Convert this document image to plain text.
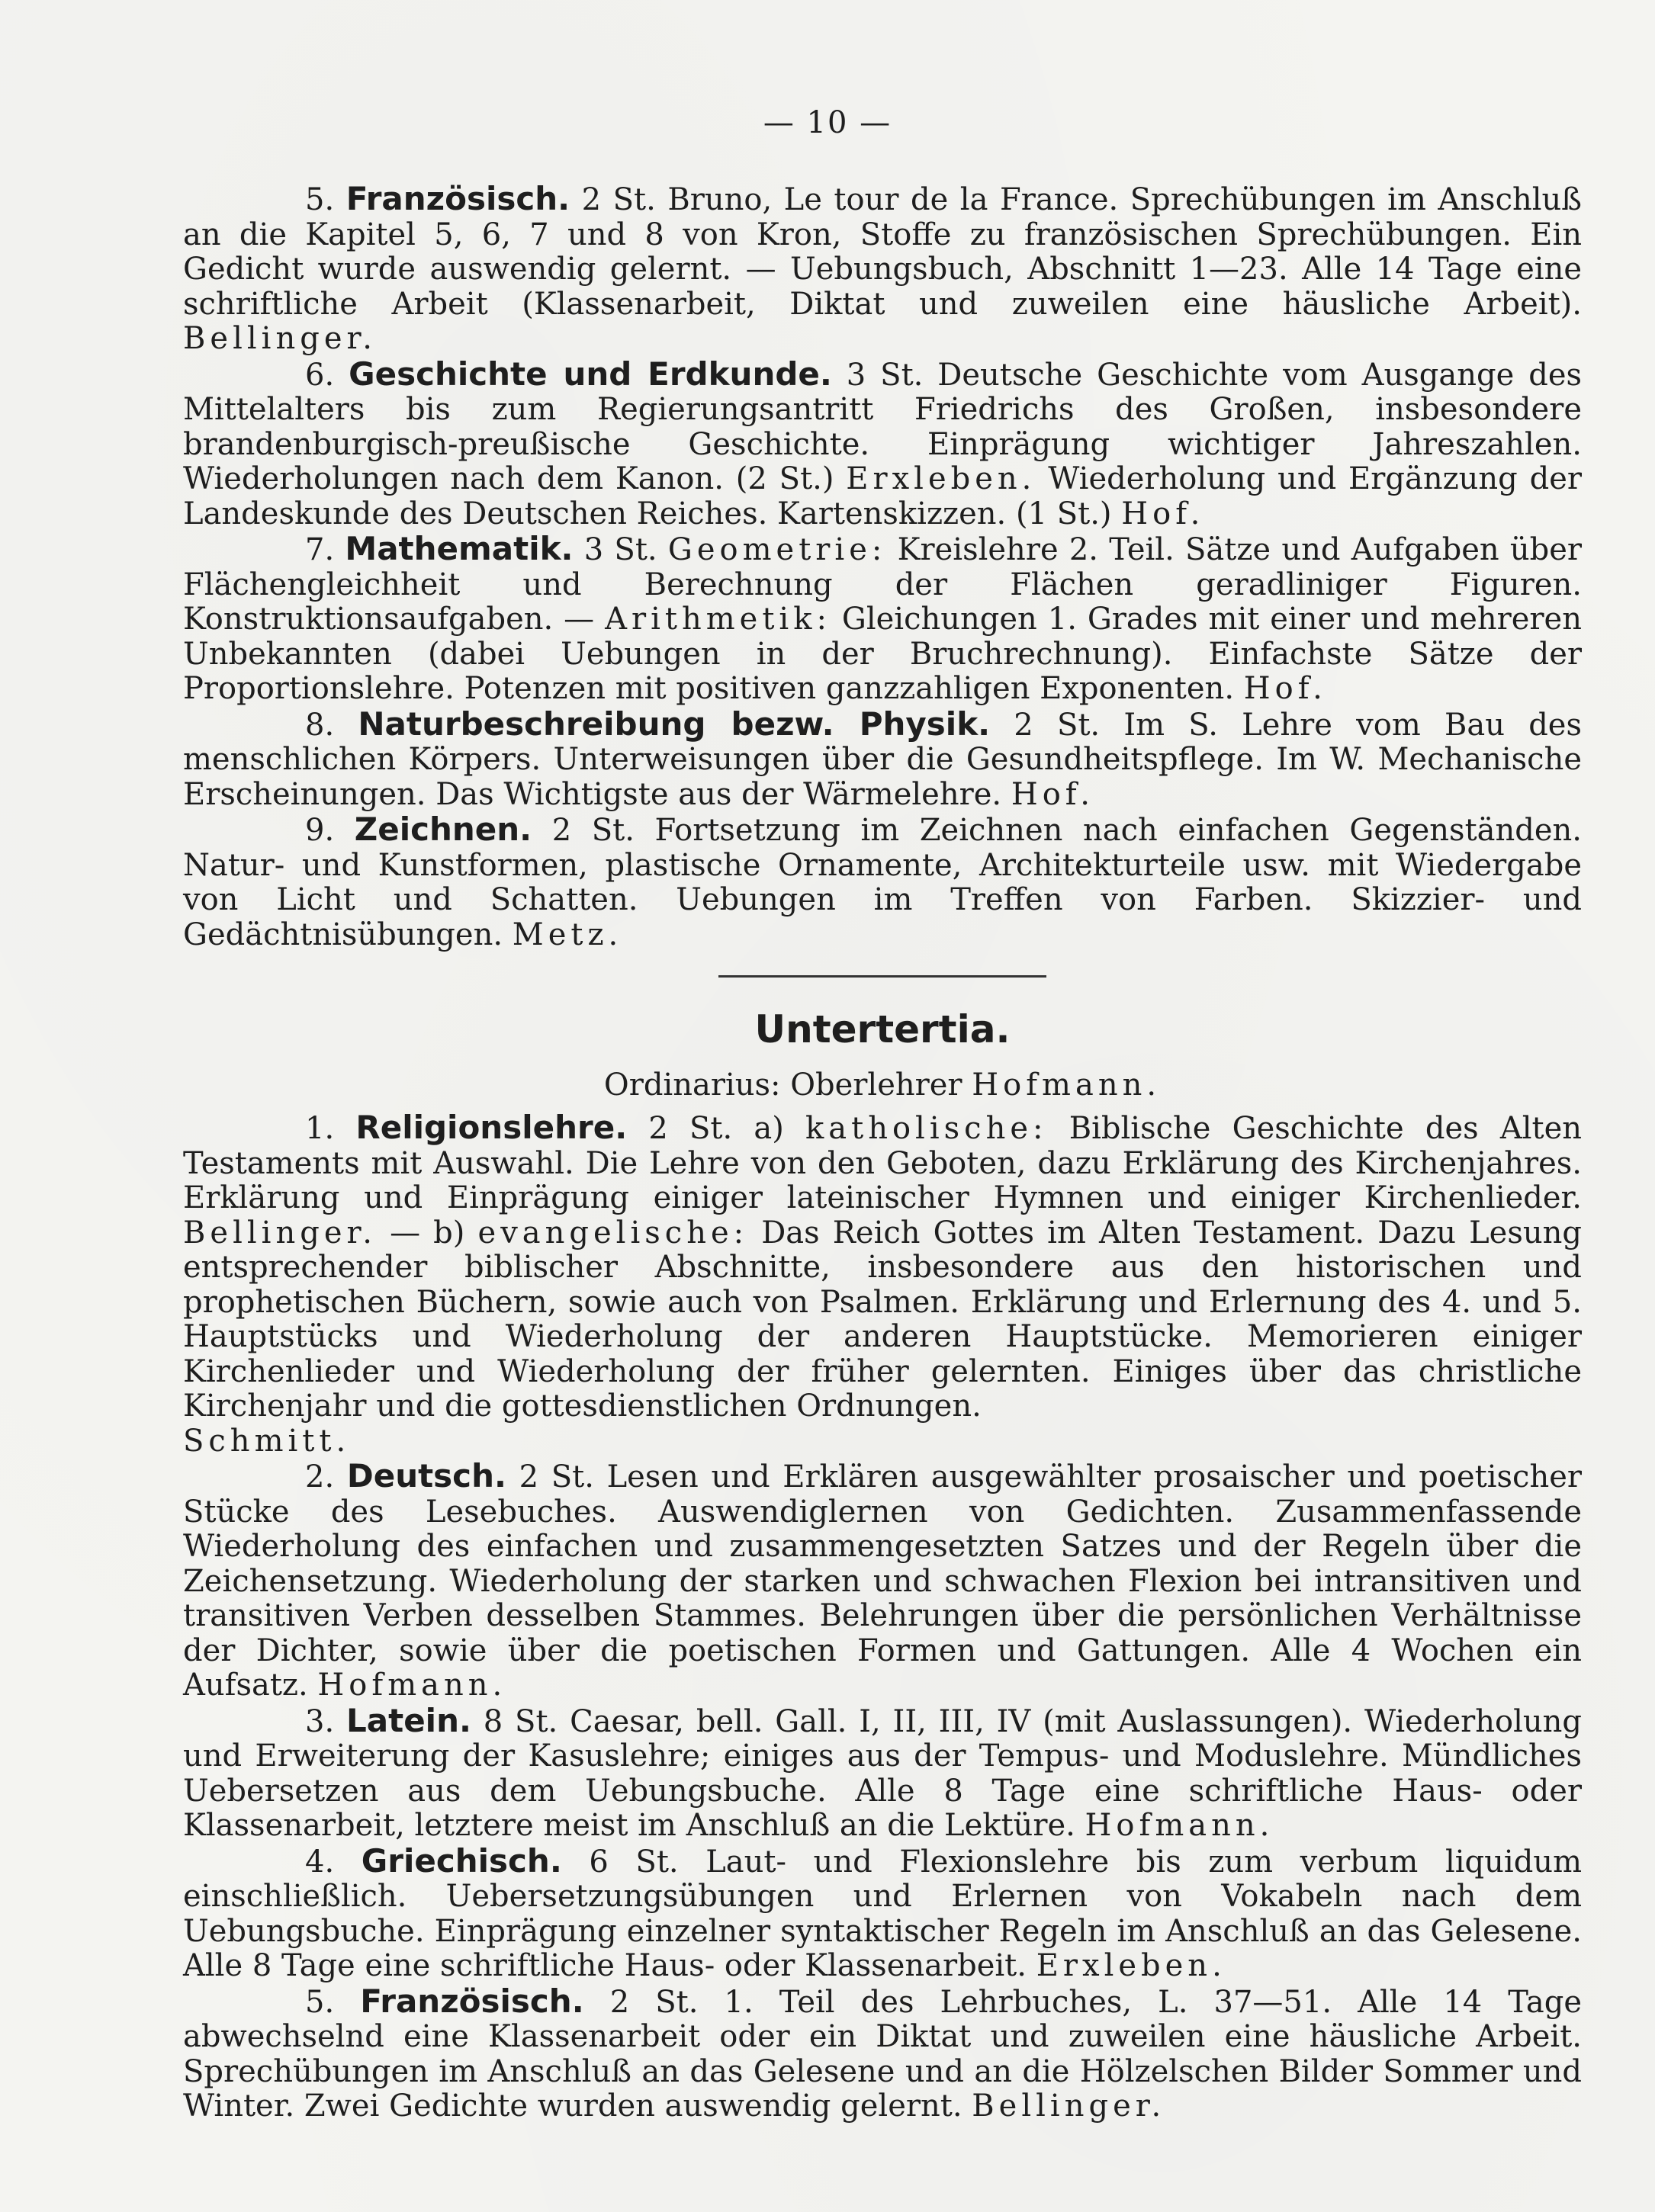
— 10 —

5. Französisch. 2 St. Bruno, Le tour de la France. Sprechübungen im Anschluß an die Kapitel 5, 6, 7 und 8 von Kron, Stoffe zu französischen Sprechübungen. Ein Gedicht wurde auswendig gelernt. — Uebungsbuch, Abschnitt 1—23. Alle 14 Tage eine schriftliche Arbeit (Klassenarbeit, Diktat und zuweilen eine häusliche Arbeit). Bellinger.

6. Geschichte und Erdkunde. 3 St. Deutsche Geschichte vom Ausgange des Mittelalters bis zum Regierungsantritt Friedrichs des Großen, insbesondere brandenburgisch-preußische Geschichte. Einprägung wichtiger Jahreszahlen. Wiederholungen nach dem Kanon. (2 St.) Erxleben. Wiederholung und Ergänzung der Landeskunde des Deutschen Reiches. Kartenskizzen. (1 St.) Hof.

7. Mathematik. 3 St. Geometrie: Kreislehre 2. Teil. Sätze und Aufgaben über Flächengleichheit und Berechnung der Flächen geradliniger Figuren. Konstruktionsaufgaben. — Arithmetik: Gleichungen 1. Grades mit einer und mehreren Unbekannten (dabei Uebungen in der Bruchrechnung). Einfachste Sätze der Proportionslehre. Potenzen mit positiven ganzzahligen Exponenten. Hof.

8. Naturbeschreibung bezw. Physik. 2 St. Im S. Lehre vom Bau des menschlichen Körpers. Unterweisungen über die Gesundheitspflege. Im W. Mechanische Erscheinungen. Das Wichtigste aus der Wärmelehre. Hof.

9. Zeichnen. 2 St. Fortsetzung im Zeichnen nach einfachen Gegenständen. Natur- und Kunstformen, plastische Ornamente, Architekturteile usw. mit Wiedergabe von Licht und Schatten. Uebungen im Treffen von Farben. Skizzier- und Gedächtnisübungen. Metz.

Untertertia.
Ordinarius: Oberlehrer Hofmann.

1. Religionslehre. 2 St. a) katholische: Biblische Geschichte des Alten Testaments mit Auswahl. Die Lehre von den Geboten, dazu Erklärung des Kirchenjahres. Erklärung und Einprägung einiger lateinischer Hymnen und einiger Kirchenlieder. Bellinger. — b) evangelische: Das Reich Gottes im Alten Testament. Dazu Lesung entsprechender biblischer Abschnitte, insbesondere aus den historischen und prophetischen Büchern, sowie auch von Psalmen. Erklärung und Erlernung des 4. und 5. Hauptstücks und Wiederholung der anderen Hauptstücke. Memorieren einiger Kirchenlieder und Wiederholung der früher gelernten. Einiges über das christliche Kirchenjahr und die gottesdienstlichen Ordnungen.

Schmitt.

2. Deutsch. 2 St. Lesen und Erklären ausgewählter prosaischer und poetischer Stücke des Lesebuches. Auswendiglernen von Gedichten. Zusammenfassende Wiederholung des einfachen und zusammengesetzten Satzes und der Regeln über die Zeichensetzung. Wiederholung der starken und schwachen Flexion bei intransitiven und transitiven Verben desselben Stammes. Belehrungen über die persönlichen Verhältnisse der Dichter, sowie über die poetischen Formen und Gattungen. Alle 4 Wochen ein Aufsatz. Hofmann.

3. Latein. 8 St. Caesar, bell. Gall. I, II, III, IV (mit Auslassungen). Wiederholung und Erweiterung der Kasuslehre; einiges aus der Tempus- und Moduslehre. Mündliches Uebersetzen aus dem Uebungsbuche. Alle 8 Tage eine schriftliche Haus- oder Klassenarbeit, letztere meist im Anschluß an die Lektüre. Hofmann.

4. Griechisch. 6 St. Laut- und Flexionslehre bis zum verbum liquidum einschließlich. Uebersetzungsübungen und Erlernen von Vokabeln nach dem Uebungsbuche. Einprägung einzelner syntaktischer Regeln im Anschluß an das Gelesene. Alle 8 Tage eine schriftliche Haus- oder Klassenarbeit. Erxleben.

5. Französisch. 2 St. 1. Teil des Lehrbuches, L. 37—51. Alle 14 Tage abwechselnd eine Klassenarbeit oder ein Diktat und zuweilen eine häusliche Arbeit. Sprechübungen im Anschluß an das Gelesene und an die Hölzelschen Bilder Sommer und Winter. Zwei Gedichte wurden auswendig gelernt. Bellinger.
